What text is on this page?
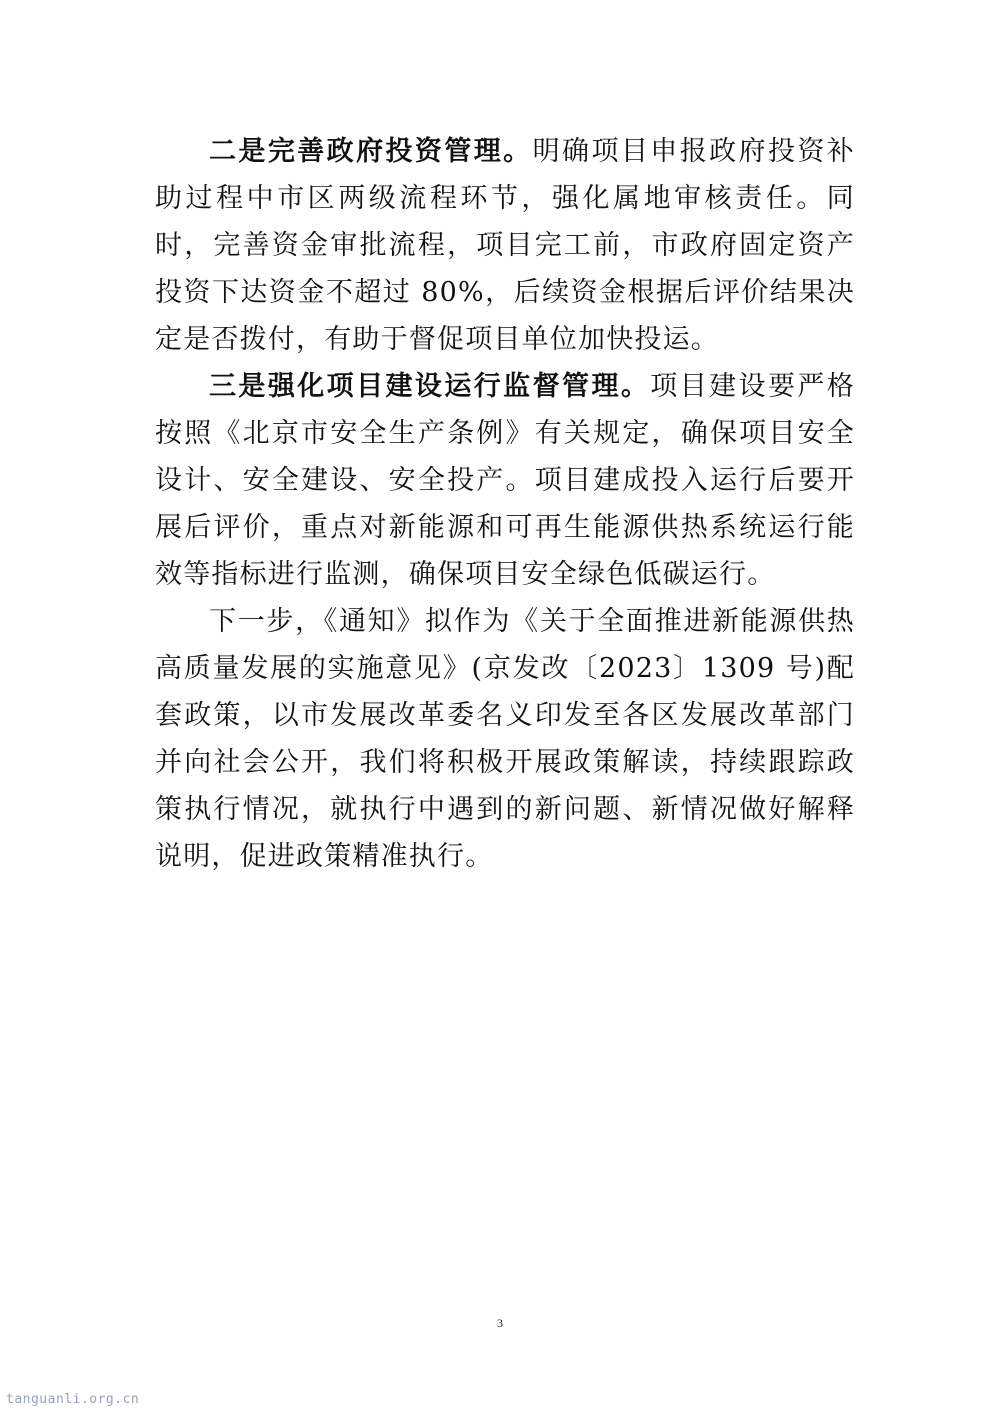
二是完善政府投资管理。明确项目申报政府投资补助过程中市区两级流程环节，强化属地审核责任。同时，完善资金审批流程，项目完工前，市政府固定资产投资下达资金不超过 80%，后续资金根据后评价结果决定是否拨付，有助于督促项目单位加快投运。

三是强化项目建设运行监督管理。项目建设要严格按照《北京市安全生产条例》有关规定，确保项目安全设计、安全建设、安全投产。项目建成投入运行后要开展后评价，重点对新能源和可再生能源供热系统运行能效等指标进行监测，确保项目安全绿色低碳运行。

下一步，《通知》拟作为《关于全面推进新能源供热高质量发展的实施意见》(京发改〔2023〕1309 号)配套政策，以市发展改革委名义印发至各区发展改革部门并向社会公开，我们将积极开展政策解读，持续跟踪政策执行情况，就执行中遇到的新问题、新情况做好解释说明，促进政策精准执行。

3
tanguanli.org.cn
